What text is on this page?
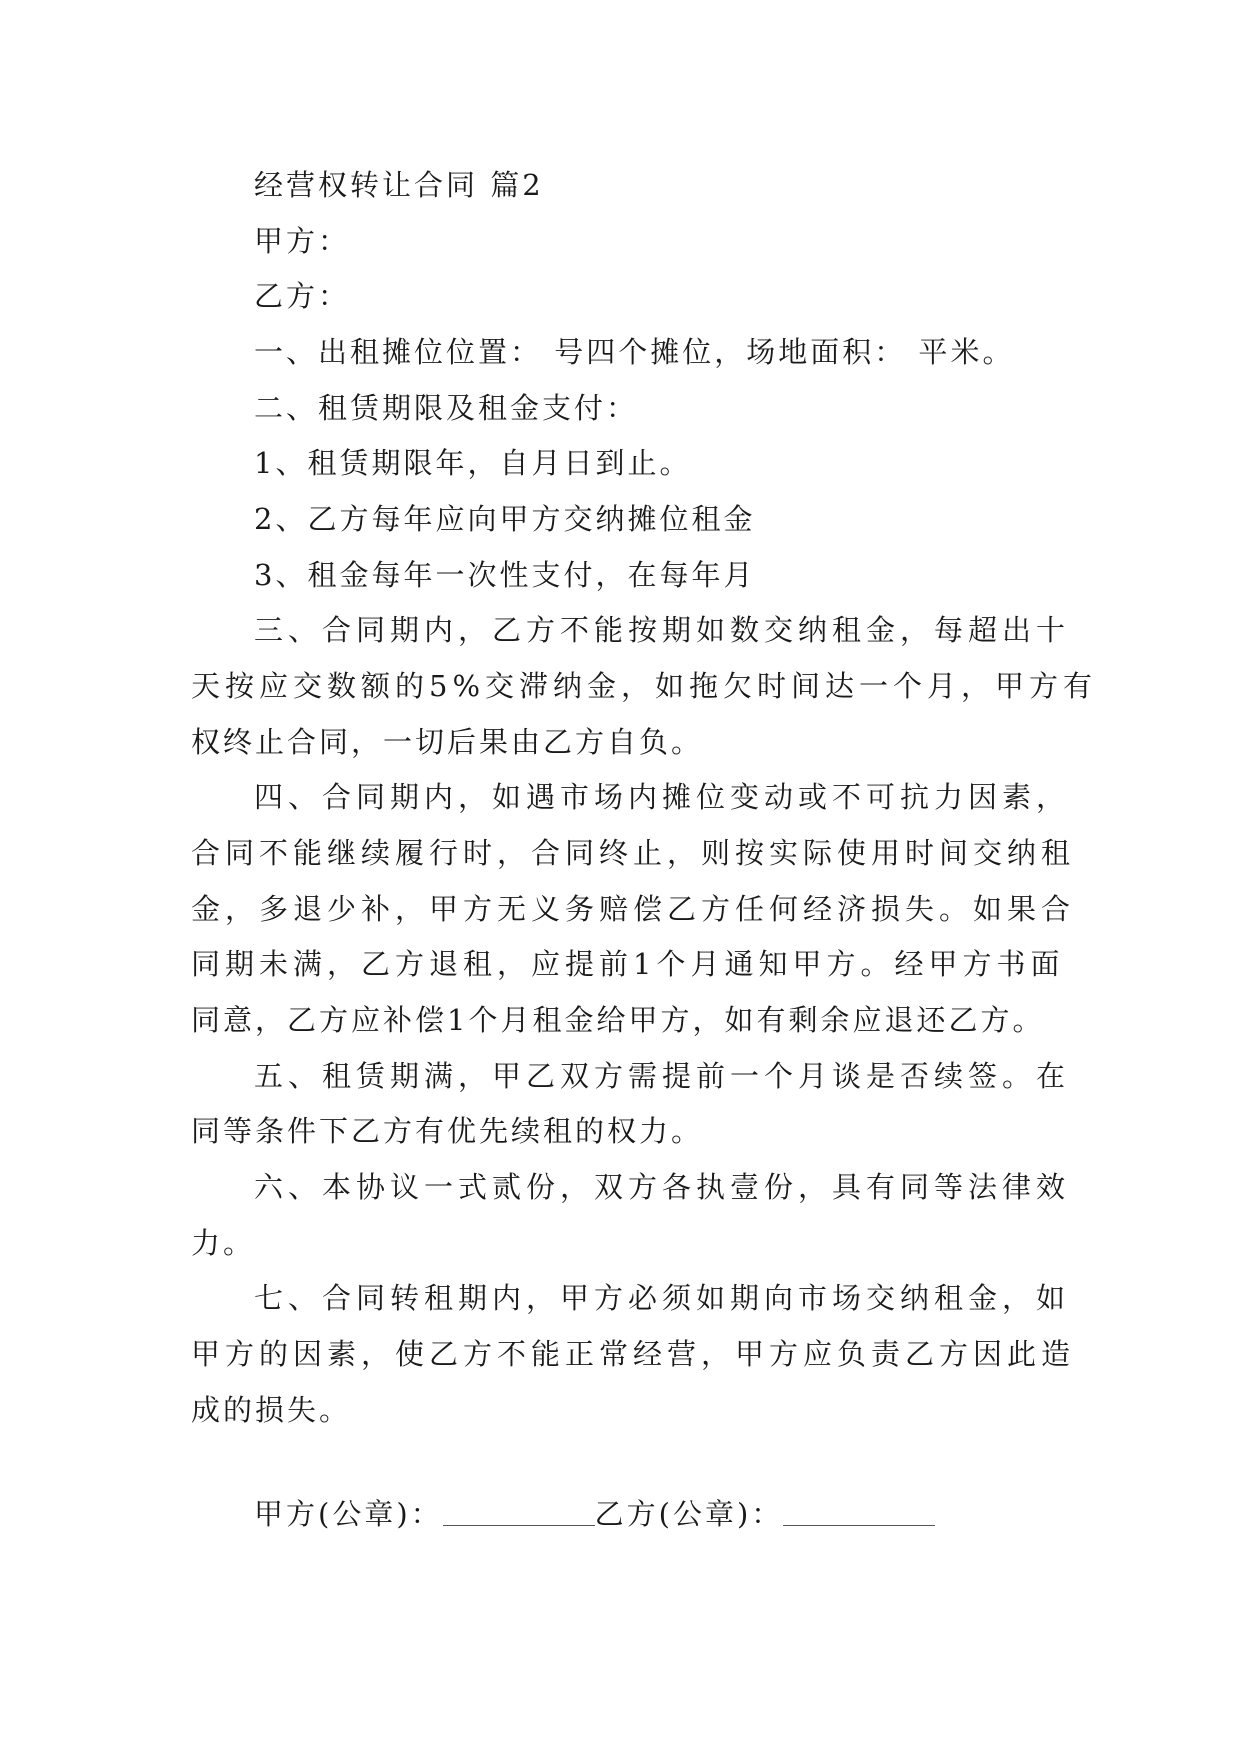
经营权转让合同 篇2
甲方：
乙方：
一、出租摊位位置： 号四个摊位，场地面积： 平米。
二、租赁期限及租金支付：
1、租赁期限年，自月日到止。
2、乙方每年应向甲方交纳摊位租金
3、租金每年一次性支付，在每年月
三、合同期内，乙方不能按期如数交纳租金，每超出十
天按应交数额的5%交滞纳金，如拖欠时间达一个月，甲方有
权终止合同，一切后果由乙方自负。
四、合同期内，如遇市场内摊位变动或不可抗力因素，
合同不能继续履行时，合同终止，则按实际使用时间交纳租
金，多退少补，甲方无义务赔偿乙方任何经济损失。如果合
同期未满，乙方退租，应提前1个月通知甲方。经甲方书面
同意，乙方应补偿1个月租金给甲方，如有剩余应退还乙方。
五、租赁期满，甲乙双方需提前一个月谈是否续签。在
同等条件下乙方有优先续租的权力。
六、本协议一式贰份，双方各执壹份，具有同等法律效
力。
七、合同转租期内，甲方必须如期向市场交纳租金，如
甲方的因素，使乙方不能正常经营，甲方应负责乙方因此造
成的损失。
甲方(公章)：	乙方(公章)：
